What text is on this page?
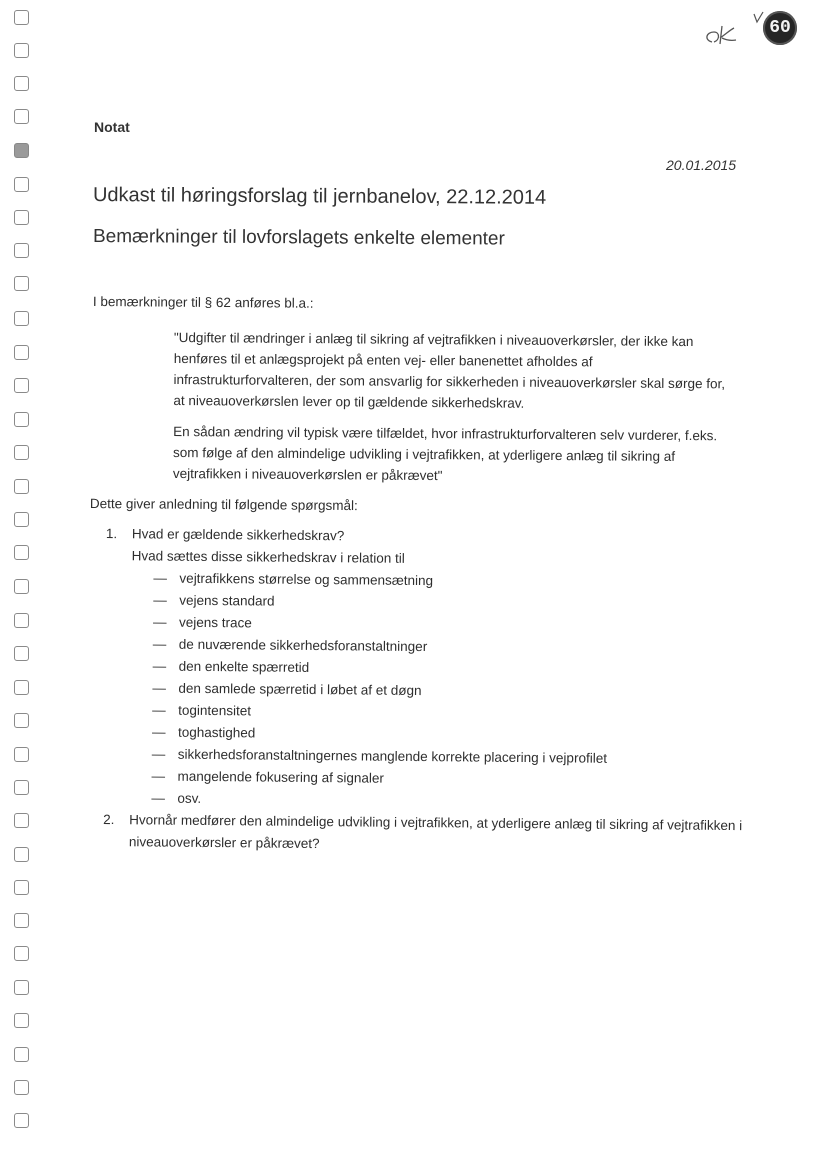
60
Notat
20.01.2015
Udkast til høringsforslag til jernbanelov, 22.12.2014
Bemærkninger til lovforslagets enkelte elementer
I bemærkninger til § 62 anføres bl.a.:

"Udgifter til ændringer i anlæg til sikring af vejtrafikken i niveauoverkørsler, der ikke kan henføres til et anlægsprojekt på enten vej- eller banenettet afholdes af infrastrukturforvalteren, der som ansvarlig for sikkerheden i niveauoverkørsler skal sørge for, at niveauoverkørslen lever op til gældende sikkerhedskrav.

En sådan ændring vil typisk være tilfældet, hvor infrastrukturforvalteren selv vurderer, f.eks. som følge af den almindelige udvikling i vejtrafikken, at yderligere anlæg til sikring af vejtrafikken i niveauoverkørslen er påkrævet"

Dette giver anledning til følgende spørgsmål:
1. Hvad er gældende sikkerhedskrav?
Hvad sættes disse sikkerhedskrav i relation til
— vejtrafikkens størrelse og sammensætning
— vejens standard
— vejens trace
— de nuværende sikkerhedsforanstaltninger
— den enkelte spærretid
— den samlede spærretid i løbet af et døgn
— togintensitet
— toghastighed
— sikkerhedsforanstaltningernes manglende korrekte placering i vejprofilet
— mangelende fokusering af signaler
— osv.
2. Hvornår medfører den almindelige udvikling i vejtrafikken, at yderligere anlæg til sikring af vejtrafikken i niveauoverkørsler er påkrævet?
